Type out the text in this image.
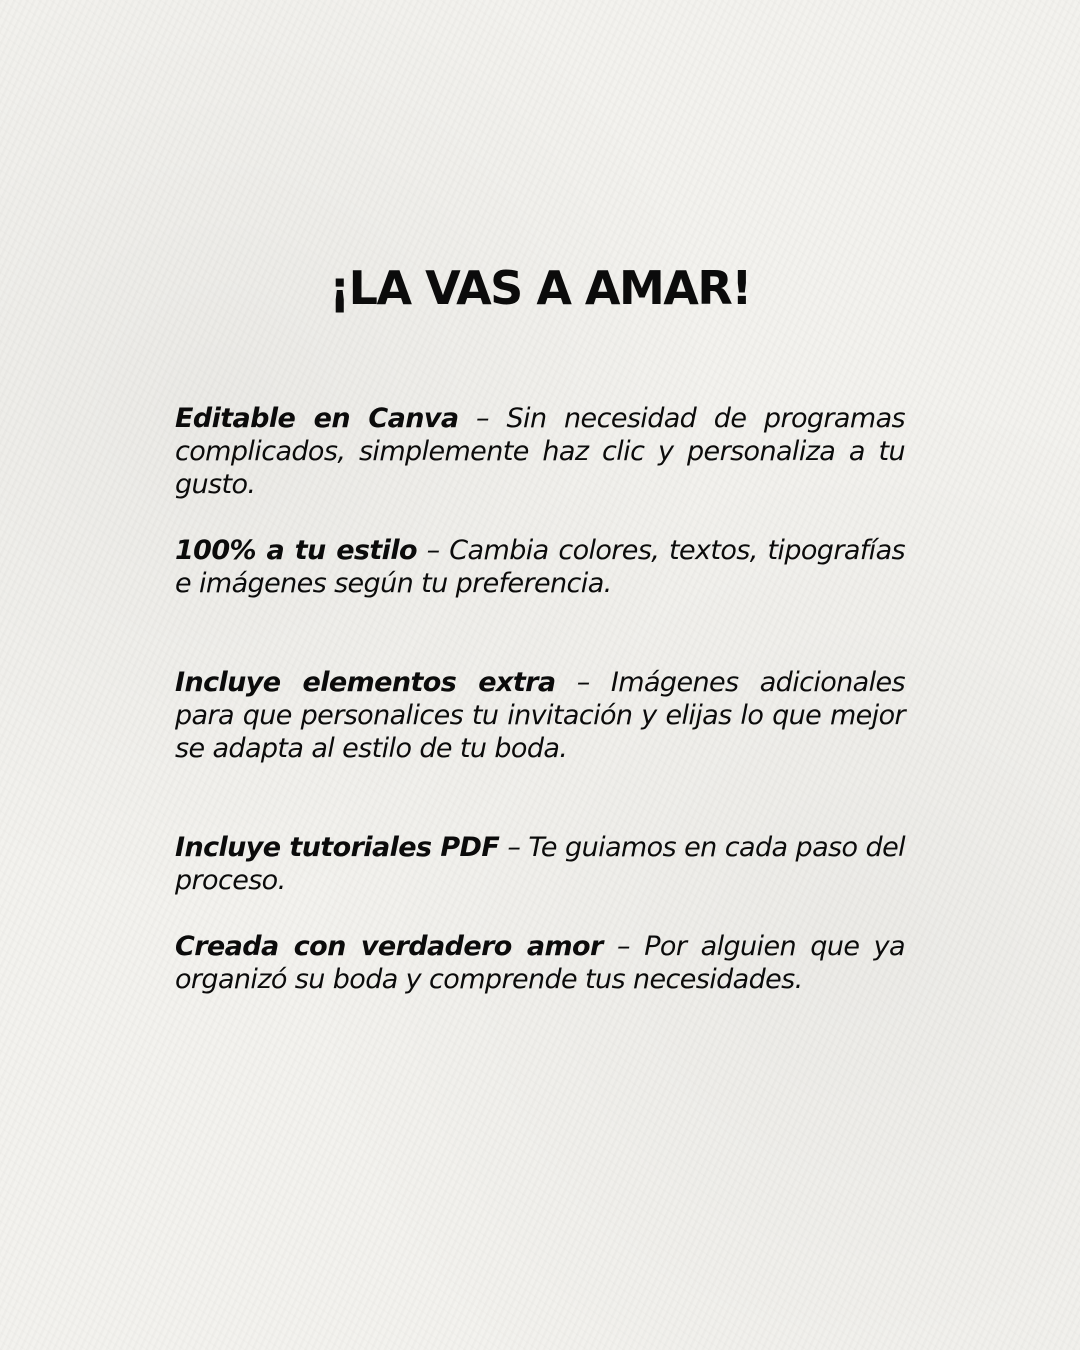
¡LA VAS A AMAR!

Editable en Canva – Sin necesidad de programas complicados, simplemente haz clic y personaliza a tu gusto.

100% a tu estilo – Cambia colores, textos, tipografías e imágenes según tu preferencia.

Incluye elementos extra – Imágenes adicionales para que personalices tu invitación y elijas lo que mejor se adapta al estilo de tu boda.

Incluye tutoriales PDF – Te guiamos en cada paso del proceso.

Creada con verdadero amor – Por alguien que ya organizó su boda y comprende tus necesidades.
